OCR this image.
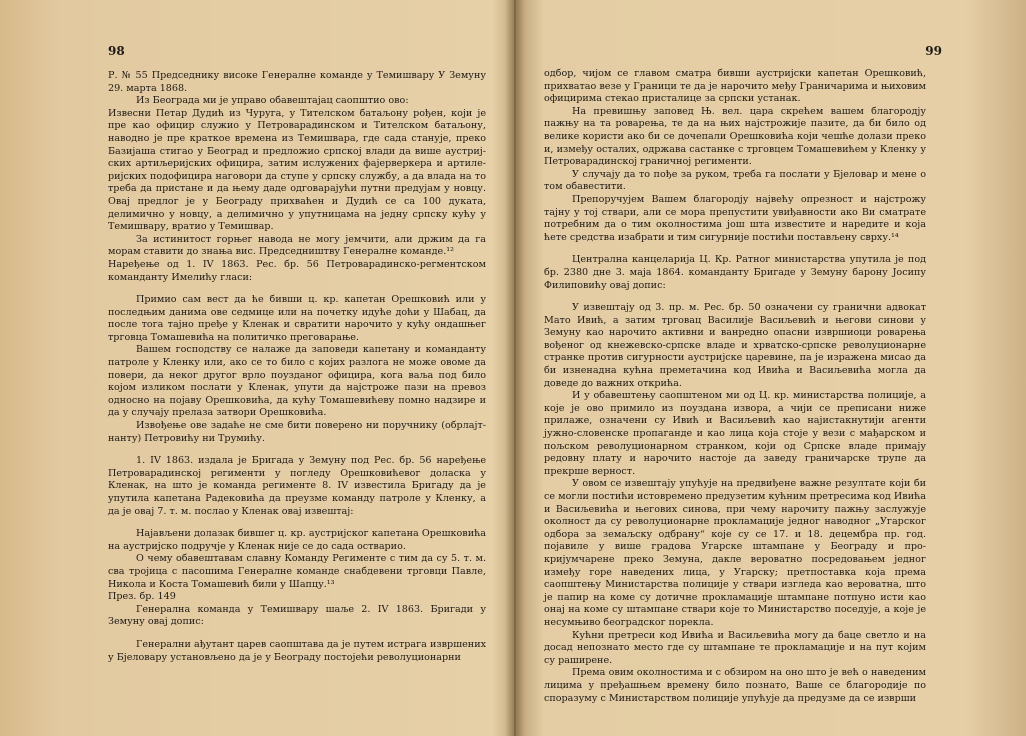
98

Р. № 55 Председнику високе Генералне команде у Темишвару У Земуну 29. марта 1868.

Из Београда ми је управо обавештајац саопштио ово:

Извесни Петар Дудић из Чуруга, у Тителском батаљону рођен, који је пре као официр служио у Петроварадинском и Тителском батаљону, наводно је пре краткое времена из Темишвара, где сада станује, преко Базијаша стигао у Београд и предложио српској влади да више аустриј-ских артиљеријских официра, затим ислужених фајерверкера и артиле-ријских подофицира наговори да ступе у српску службу, а да влада на то треба да пристане и да њему даде одговарајући путни предујам у новцу. Овај предлог је у Београду прихваћен и Дудић се са 100 дуката, делимично у новцу, а делимично у упутницама на једну српску кућу у Темишвару, вратио у Темишвар.

За истинитост горњег навода не могу јемчити, али држим да га морам ставити до знања вис. Председништву Генералне команде.¹²

Наређење од 1. IV 1863. Рес. бр. 56 Петроварадинско-регментском команданту Имелићу гласи:

Примио сам вест да ће бивши ц. кр. капетан Орешковић или у последњим данима ове седмице или на почетку идуће доћи у Шабац, да после тога тајно пређе у Кленак и свратити нарочито у кућу ондашњег трговца Томашевића на политичко преговарање.

Вашем господству се налаже да заповеди капетану и команданту патроле у Кленку или, ако се то било с којих разлога не може овоме да повери, да неког другог врло поузданог официра, кога ваља под било којом изликом послати у Кленак, упути да најстроже пази на превоз односно на појаву Орешковића, да кућу Томашевићеву помно надзире и да у случају прелаза затвори Орешковића.

Извођење ове задаће не сме бити поверено ни поручнику (обрлајт-нанту) Петровићу ни Трумићу.

1. IV 1863. издала је Бригада у Земуну под Рес. бр. 56 наређење Петроварадинској регименти у погледу Орешковићевог доласка у Кленак, на што је команда регименте 8. IV известила Бригаду да је упутила капетана Радековића да преузме команду патроле у Кленку, а да је овај 7. т. м. послао у Кленак овај извештај:

Најављени долазак бившег ц. кр. аустријског капетана Орешковића на аустријско подручје у Кленак није се до сада остварио.

О чему обавештавам славну Команду Регименте с тим да су 5. т. м. сва тројица с пасошима Генералне команде снабдевени трговци Павле, Никола и Коста Томашевић били у Шапцу.¹³

През. бр. 149

Генерална команда у Темишвару шаље 2. IV 1863. Бригади у Земуну овај допис:

Генерални ађутант царев саопштава да је путем истрага извршених у Бјеловару установљено да је у Београду постојећи револуционарни

99

одбор, чијом се главом сматра бивши аустријски капетан Орешковић, прихватао везе у Граници те да је нарочито међу Граничарима и њиховим официрима стекао присталице за српски устанак.

На превишњу заповед Њ. вел. цара скрећем вашем благородју пажњу на та роварења, те да на њих најстрожије пазите, да би било од велике користи ако би се дочепали Орешковића који чешће долази преко и, између осталих, одржава састанке с трговцем Томашевићем у Кленку у Петроварадинској граничној регименти.

У случају да то пође за руком, треба га послати у Бјеловар и мене о том обавестити.

Препоручујем Вашем благородју највећу опрезност и најстрожу тајну у тој ствари, али се мора препустити увиђавности ако Ви сматрате потребним да о тим околностима још шта известите и наредите и која ћете средства изабрати и тим сигурније постићи постављену сврху.¹⁴

Централна канцеларија Ц. Кр. Ратног министарства упутила је под бр. 2380 дне 3. маја 1864. команданту Бригаде у Земуну барону Јосипу Филиповићу овај допис:

У извештају од 3. пр. м. Рес. бр. 50 означени су гранични адвокат Мато Ивић, а затим трговац Василије Васиљевић и његови синови у Земуну као нарочито активни и ванредно опасни извршиоци роварења вођеног од кнежевско-српске владе и хрватско-српске револуционарне странке против сигурности аустријске царевине, па је изражена мисао да би изненадна кућна преметачина код Ивића и Васиљевића могла да доведе до важних открића.

И у обавештењу саопштеном ми од Ц. кр. министарства полиције, а које је ово примило из поуздана извора, а чији се преписани ниже прилаже, означени су Ивић и Васиљевић као најистакнутији агенти јужно-словенске пропаганде и као лица која стоје у вези с мађарском и пољском револуционарном странком, који од Српске владе примају редовну плату и нарочито настоје да заведу граничарске трупе да прекрше верност.

У овом се извештају упућује на предвиђене важне резултате који би се могли постићи истовремено предузетим кућним претресима код Ивића и Васиљевића и његових синова, при чему нарочиту пажњу заслужује околност да су револуционарне прокламације једног наводног „Угарског одбора за земаљску одбрану“ које су се 17. и 18. децембра пр. год. појавиле у више градова Угарске штампане у Београду и про-кријумчарене преко Земуна, дакле вероватно посредовањем једног између горе наведених лица, у Угарску; претпоставка која према саопштењу Министарства полиције у ствари изгледа као вероватна, што је папир на коме су дотичне прокламације штампане потпуно исти као онај на коме су штампане ствари које то Министарство поседује, а које је несумњиво београдског порекла.

Кућни претреси код Ивића и Васиљевића могу да баце светло и на досад непознато место где су штампане те прокламације и на пут којим су раширене.

Према овим околностима и с обзиром на оно што је већ о наведеним лицима у пређашњем времену било познато, Ваше се благородије по споразуму с Министарством полиције упућује да предузме да се изврши
